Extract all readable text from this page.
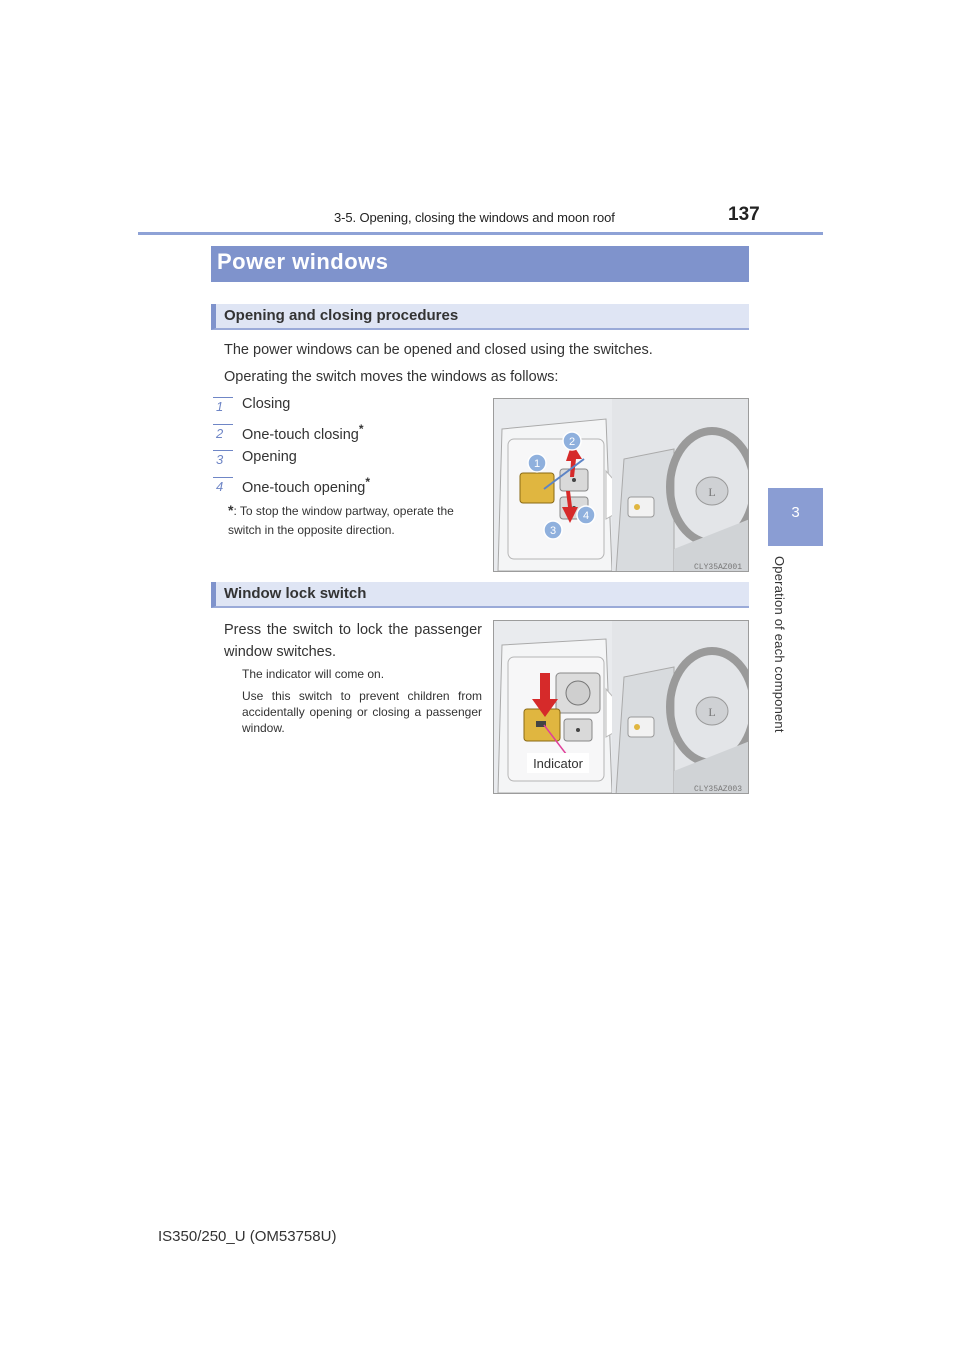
3-5. Opening, closing the windows and moon roof	137
3
Operation of each component
Power windows
Opening and closing procedures
The power windows can be opened and closed using the switches.
Operating the switch moves the windows as follows:
1	Closing
2	One-touch closing*
3	Opening
4	One-touch opening*
*: To stop the window partway, operate the switch in the opposite direction.
1
2
3
4
L
CLY35AZ001
Window lock switch
Press the switch to lock the passenger window switches.
The indicator will come on.
Use this switch to prevent children from accidentally opening or closing a passenger window.
Indicator
L
CLY35AZ003
IS350/250_U (OM53758U)
